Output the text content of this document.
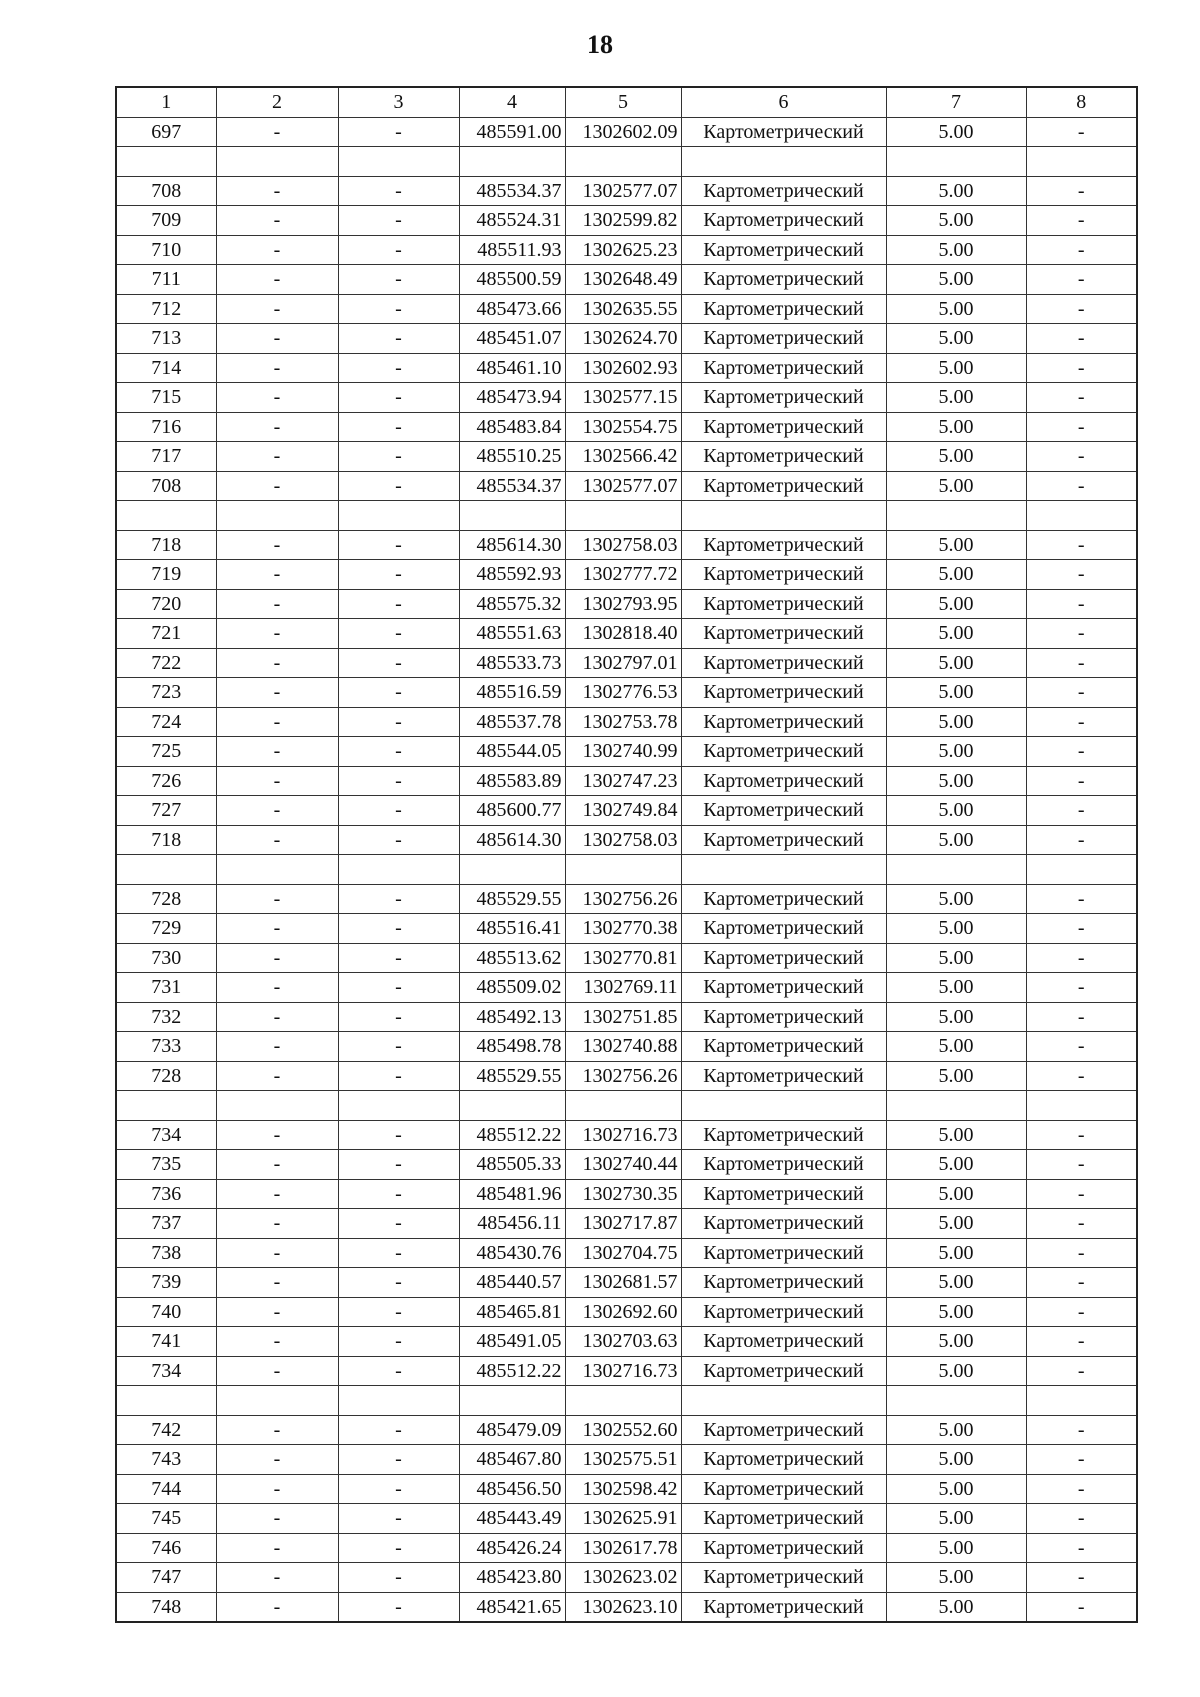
18
1	2	3	4	5	6	7	8
697	-	-	485591.00	1302602.09	Картометрический	5.00	-

708	-	-	485534.37	1302577.07	Картометрический	5.00	-
709	-	-	485524.31	1302599.82	Картометрический	5.00	-
710	-	-	485511.93	1302625.23	Картометрический	5.00	-
711	-	-	485500.59	1302648.49	Картометрический	5.00	-
712	-	-	485473.66	1302635.55	Картометрический	5.00	-
713	-	-	485451.07	1302624.70	Картометрический	5.00	-
714	-	-	485461.10	1302602.93	Картометрический	5.00	-
715	-	-	485473.94	1302577.15	Картометрический	5.00	-
716	-	-	485483.84	1302554.75	Картометрический	5.00	-
717	-	-	485510.25	1302566.42	Картометрический	5.00	-
708	-	-	485534.37	1302577.07	Картометрический	5.00	-

718	-	-	485614.30	1302758.03	Картометрический	5.00	-
719	-	-	485592.93	1302777.72	Картометрический	5.00	-
720	-	-	485575.32	1302793.95	Картометрический	5.00	-
721	-	-	485551.63	1302818.40	Картометрический	5.00	-
722	-	-	485533.73	1302797.01	Картометрический	5.00	-
723	-	-	485516.59	1302776.53	Картометрический	5.00	-
724	-	-	485537.78	1302753.78	Картометрический	5.00	-
725	-	-	485544.05	1302740.99	Картометрический	5.00	-
726	-	-	485583.89	1302747.23	Картометрический	5.00	-
727	-	-	485600.77	1302749.84	Картометрический	5.00	-
718	-	-	485614.30	1302758.03	Картометрический	5.00	-

728	-	-	485529.55	1302756.26	Картометрический	5.00	-
729	-	-	485516.41	1302770.38	Картометрический	5.00	-
730	-	-	485513.62	1302770.81	Картометрический	5.00	-
731	-	-	485509.02	1302769.11	Картометрический	5.00	-
732	-	-	485492.13	1302751.85	Картометрический	5.00	-
733	-	-	485498.78	1302740.88	Картометрический	5.00	-
728	-	-	485529.55	1302756.26	Картометрический	5.00	-

734	-	-	485512.22	1302716.73	Картометрический	5.00	-
735	-	-	485505.33	1302740.44	Картометрический	5.00	-
736	-	-	485481.96	1302730.35	Картометрический	5.00	-
737	-	-	485456.11	1302717.87	Картометрический	5.00	-
738	-	-	485430.76	1302704.75	Картометрический	5.00	-
739	-	-	485440.57	1302681.57	Картометрический	5.00	-
740	-	-	485465.81	1302692.60	Картометрический	5.00	-
741	-	-	485491.05	1302703.63	Картометрический	5.00	-
734	-	-	485512.22	1302716.73	Картометрический	5.00	-

742	-	-	485479.09	1302552.60	Картометрический	5.00	-
743	-	-	485467.80	1302575.51	Картометрический	5.00	-
744	-	-	485456.50	1302598.42	Картометрический	5.00	-
745	-	-	485443.49	1302625.91	Картометрический	5.00	-
746	-	-	485426.24	1302617.78	Картометрический	5.00	-
747	-	-	485423.80	1302623.02	Картометрический	5.00	-
748	-	-	485421.65	1302623.10	Картометрический	5.00	-
